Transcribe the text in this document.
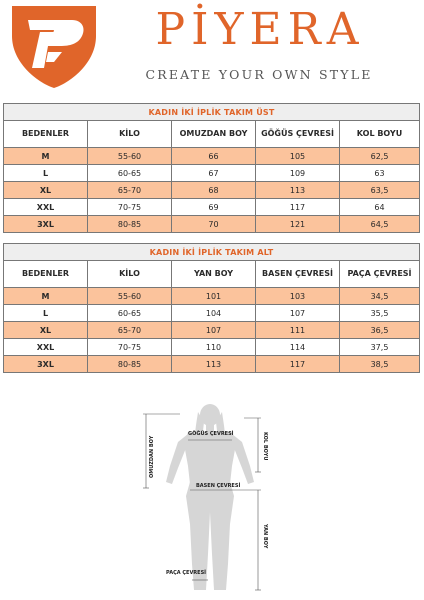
PİYERA
CREATE YOUR OWN STYLE
KADIN İKİ İPLİK TAKIM ÜST				
BEDENLER	KİLO	OMUZDAN BOY	GÖĞÜS ÇEVRESİ	KOL BOYU
M	55-60	66	105	62,5
L	60-65	67	109	63
XL	65-70	68	113	63,5
XXL	70-75	69	117	64
3XL	80-85	70	121	64,5
KADIN İKİ İPLİK TAKIM ALT				
BEDENLER	KİLO	YAN BOY	BASEN ÇEVRESİ	PAÇA ÇEVRESİ
M	55-60	101	103	34,5
L	60-65	104	107	35,5
XL	65-70	107	111	36,5
XXL	70-75	110	114	37,5
3XL	80-85	113	117	38,5
GÖĞÜS ÇEVRESİ
BASEN ÇEVRESİ
PAÇA ÇEVRESİ
OMUZDAN BOY	KOL BOYU
YAN BOY
